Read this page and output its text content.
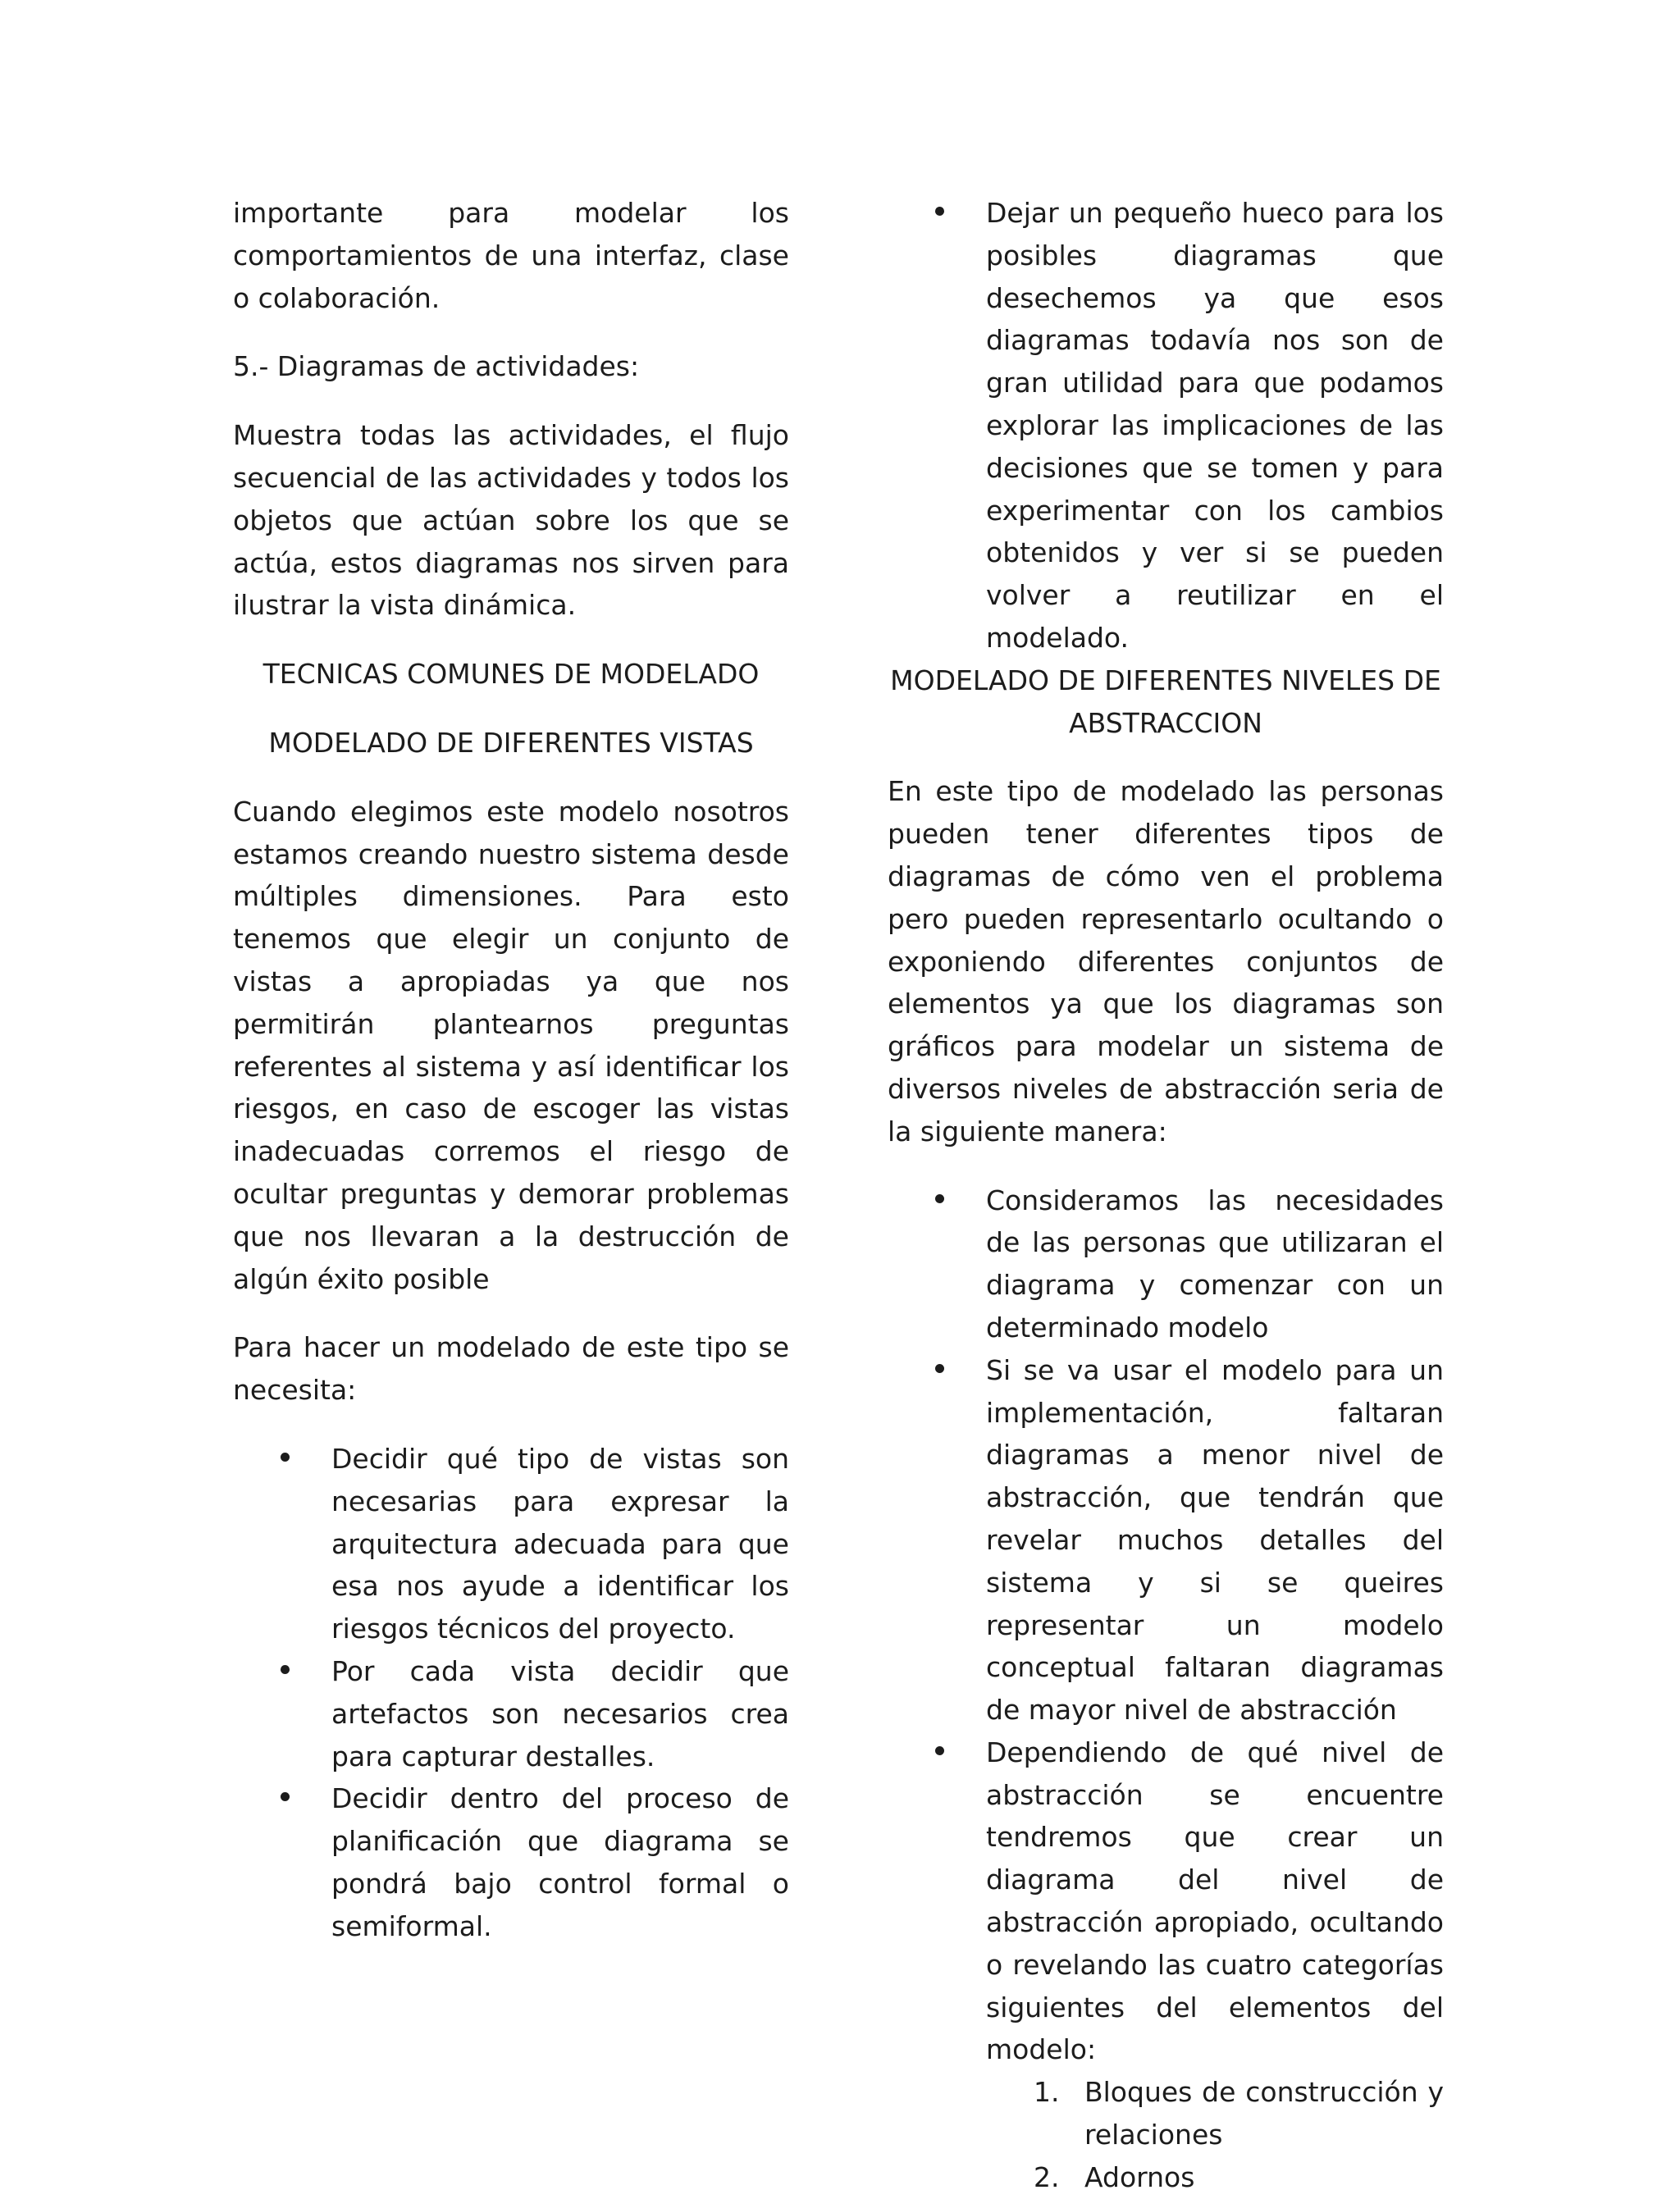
importante para modelar los comportamientos de una interfaz, clase o colaboración.

5.- Diagramas de actividades:

Muestra todas las actividades, el flujo secuencial de las actividades y todos los objetos que actúan sobre los que se actúa, estos diagramas nos sirven para ilustrar la vista dinámica.

TECNICAS COMUNES DE MODELADO

MODELADO DE DIFERENTES VISTAS

Cuando elegimos este modelo nosotros estamos creando nuestro sistema desde múltiples dimensiones. Para esto tenemos que elegir un conjunto de vistas a apropiadas ya que nos permitirán plantearnos preguntas referentes al sistema y así identificar los riesgos, en caso de escoger las vistas inadecuadas corremos el riesgo de ocultar preguntas y demorar problemas que nos llevaran a la destrucción de algún éxito posible

Para hacer un modelado de este tipo se necesita:

Decidir qué tipo de vistas son necesarias para expresar la arquitectura adecuada para que esa nos ayude a identificar los riesgos técnicos del proyecto.
Por cada vista decidir que artefactos son necesarios crea para capturar destalles.
Decidir dentro del proceso de planificación que diagrama se pondrá bajo control formal o semiformal.
Dejar un pequeño hueco para los posibles diagramas que desechemos ya que esos diagramas todavía nos son de gran utilidad para que podamos explorar las implicaciones de las decisiones que se tomen y para experimentar con los cambios obtenidos y ver si se pueden volver a reutilizar en el modelado.

MODELADO DE DIFERENTES NIVELES DE
ABSTRACCION

En este tipo de modelado las personas pueden tener diferentes tipos de diagramas de cómo ven el problema pero pueden representarlo ocultando o exponiendo diferentes conjuntos de elementos ya que los diagramas son gráficos para modelar un sistema de diversos niveles de abstracción seria de la siguiente manera:

Consideramos las necesidades de las personas que utilizaran el diagrama y comenzar con un determinado modelo
Si se va usar el modelo para un implementación, faltaran diagramas a menor nivel de abstracción, que tendrán que revelar muchos detalles del sistema y si se queires representar un modelo conceptual faltaran diagramas de mayor nivel de abstracción
Dependiendo de qué nivel de abstracción se encuentre tendremos que crear un diagrama del nivel de abstracción apropiado, ocultando o revelando las cuatro categorías siguientes del elementos del modelo:
1. Bloques de construcción y relaciones
2. Adornos
